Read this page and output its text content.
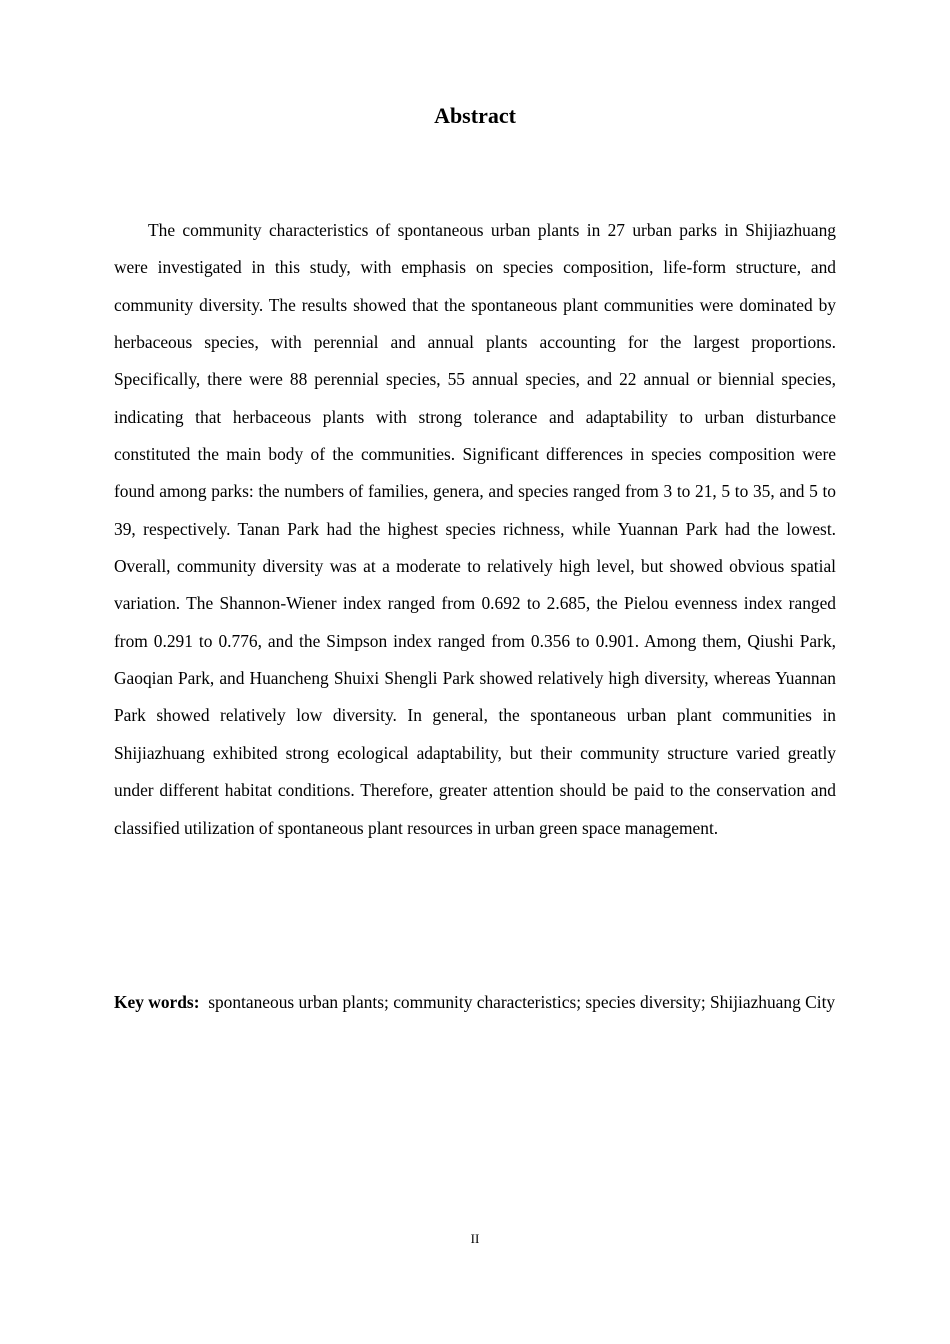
Abstract

The community characteristics of spontaneous urban plants in 27 urban parks in Shijiazhuang were investigated in this study, with emphasis on species composition, life-form structure, and community diversity. The results showed that the spontaneous plant communities were dominated by herbaceous species, with perennial and annual plants accounting for the largest proportions. Specifically, there were 88 perennial species, 55 annual species, and 22 annual or biennial species, indicating that herbaceous plants with strong tolerance and adaptability to urban disturbance constituted the main body of the communities. Significant differences in species composition were found among parks: the numbers of families, genera, and species ranged from 3 to 21, 5 to 35, and 5 to 39, respectively. Tanan Park had the highest species richness, while Yuannan Park had the lowest. Overall, community diversity was at a moderate to relatively high level, but showed obvious spatial variation. The Shannon-Wiener index ranged from 0.692 to 2.685, the Pielou evenness index ranged from 0.291 to 0.776, and the Simpson index ranged from 0.356 to 0.901. Among them, Qiushi Park, Gaoqian Park, and Huancheng Shuixi Shengli Park showed relatively high diversity, whereas Yuannan Park showed relatively low diversity. In general, the spontaneous urban plant communities in Shijiazhuang exhibited strong ecological adaptability, but their community structure varied greatly under different habitat conditions. Therefore, greater attention should be paid to the conservation and classified utilization of spontaneous plant resources in urban green space management.

Key words: spontaneous urban plants; community characteristics; species diversity; Shijiazhuang City

II
